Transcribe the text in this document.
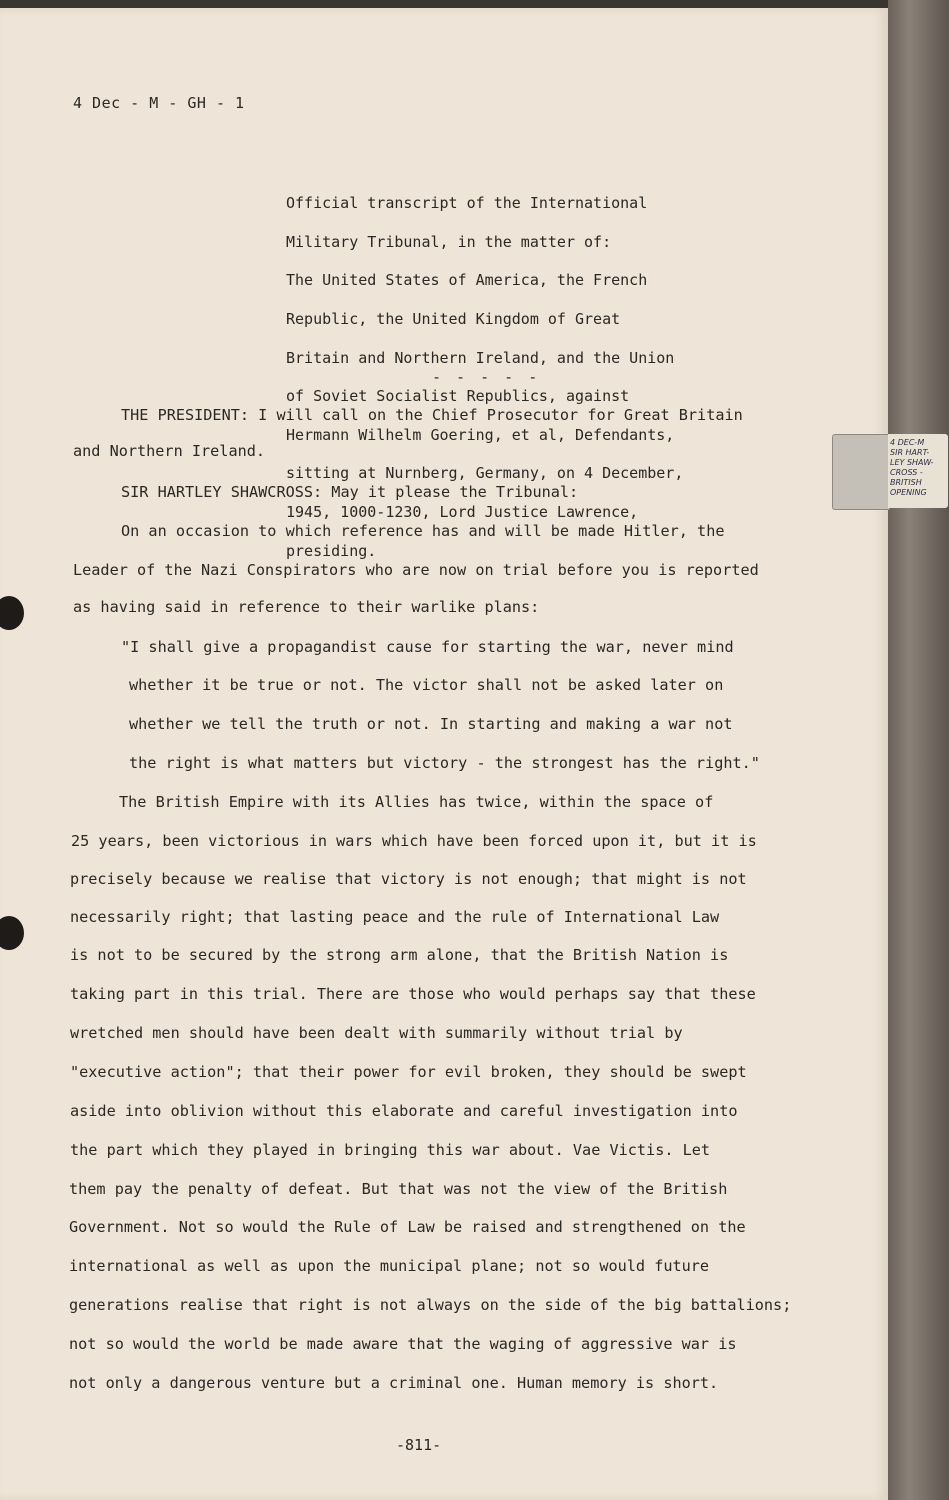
4 Dec - M - GH - 1

Official transcript of the International

Military Tribunal, in the matter of:

The United States of America, the French

Republic, the United Kingdom of Great

Britain and Northern Ireland, and the Union

of Soviet Socialist Republics, against

Hermann Wilhelm Goering, et al, Defendants,

sitting at Nurnberg, Germany, on 4 December,

1945, 1000-1230, Lord Justice Lawrence,

presiding.

- - - - -
THE PRESIDENT: I will call on the Chief Prosecutor for Great Britain
and Northern Ireland.
SIR HARTLEY SHAWCROSS: May it please the Tribunal:
On an occasion to which reference has and will be made Hitler, the
Leader of the Nazi Conspirators who are now on trial before you is reported
as having said in reference to their warlike plans:
"I shall give a propagandist cause for starting the war, never mind
whether it be true or not. The victor shall not be asked later on
whether we tell the truth or not. In starting and making a war not
the right is what matters but victory - the strongest has the right."
The British Empire with its Allies has twice, within the space of
25 years, been victorious in wars which have been forced upon it, but it is
precisely because we realise that victory is not enough; that might is not
necessarily right; that lasting peace and the rule of International Law
is not to be secured by the strong arm alone, that the British Nation is
taking part in this trial. There are those who would perhaps say that these
wretched men should have been dealt with summarily without trial by
"executive action"; that their power for evil broken, they should be swept
aside into oblivion without this elaborate and careful investigation into
the part which they played in bringing this war about. Vae Victis. Let
them pay the penalty of defeat. But that was not the view of the British
Government. Not so would the Rule of Law be raised and strengthened on the
international as well as upon the municipal plane; not so would future
generations realise that right is not always on the side of the big battalions;
not so would the world be made aware that the waging of aggressive war is
not only a dangerous venture but a criminal one. Human memory is short.
-811-
4 DEC-M
SIR HART-
LEY SHAW-
CROSS -
BRITISH
OPENING
